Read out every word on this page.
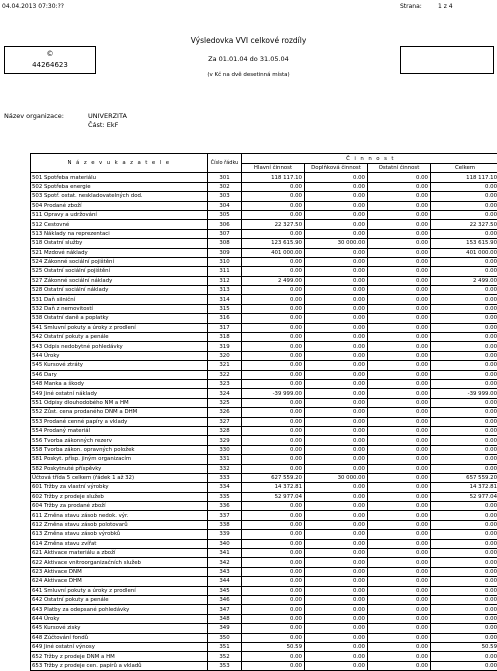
04.04.2013 07:30:??	Strana:	1 z 4
Výsledovka VVI celkové rozdíly
©
44264623
Za 01.01.04 do 31.05.04
(v Kč na dvě desetinná místa)
Název organizace:	UNIVERZITA
Část: EkF
N á z e v u k a z a t e l e	Číslo řádku	Č i n n o s t			
		Hlavní činnost	Doplňková činnost	Ostatní činnost	Celkem
501 Spotřeba materiálu	301	118 117.10	0.00	0.00	118 117.10
502 Spotřeba energie	302	0.00	0.00	0.00	0.00
503 Spotř. ostat. neskladovatelných dod.	303	0.00	0.00	0.00	0.00
504 Prodané zboží	304	0.00	0.00	0.00	0.00
511 Opravy a udržování	305	0.00	0.00	0.00	0.00
512 Cestovné	306	22 327.50	0.00	0.00	22 327.50
513 Náklady na reprezentaci	307	0.00	0.00	0.00	0.00
518 Ostatní služby	308	123 615.90	30 000.00	0.00	153 615.90
521 Mzdové náklady	309	401 000.00	0.00	0.00	401 000.00
524 Zákonné sociální pojištění	310	0.00	0.00	0.00	0.00
525 Ostatní sociální pojištění	311	0.00	0.00	0.00	0.00
527 Zákonné sociální náklady	312	2 499.00	0.00	0.00	2 499.00
528 Ostatní sociální náklady	313	0.00	0.00	0.00	0.00
531 Daň silniční	314	0.00	0.00	0.00	0.00
532 Daň z nemovitostí	315	0.00	0.00	0.00	0.00
538 Ostatní daně a poplatky	316	0.00	0.00	0.00	0.00
541 Smluvní pokuty a úroky z prodlení	317	0.00	0.00	0.00	0.00
542 Ostatní pokuty a penále	318	0.00	0.00	0.00	0.00
543 Odpis nedobytné pohledávky	319	0.00	0.00	0.00	0.00
544 Úroky	320	0.00	0.00	0.00	0.00
545 Kursové ztráty	321	0.00	0.00	0.00	0.00
546 Dary	322	0.00	0.00	0.00	0.00
548 Manka a škody	323	0.00	0.00	0.00	0.00
549 Jiné ostatní náklady	324	-39 999.00	0.00	0.00	-39 999.00
551 Odpisy dlouhodobého NM a HM	325	0.00	0.00	0.00	0.00
552 Zůst. cena prodaného DNM a DHM	326	0.00	0.00	0.00	0.00
553 Prodané cenné papíry a vklady	327	0.00	0.00	0.00	0.00
554 Prodaný materiál	328	0.00	0.00	0.00	0.00
556 Tvorba zákonných rezerv	329	0.00	0.00	0.00	0.00
558 Tvorba zákon. opravných položek	330	0.00	0.00	0.00	0.00
581 Poskyt. přísp. jiným organizacím	331	0.00	0.00	0.00	0.00
582 Poskytnuté příspěvky	332	0.00	0.00	0.00	0.00
Účtová třída 5 celkem (řádek 1 až 32)	333	627 559.20	30 000.00	0.00	657 559.20
601 Tržby za vlastní výrobky	334	14 372.81	0.00	0.00	14 372.81
602 Tržby z prodeje služeb	335	52 977.04	0.00	0.00	52 977.04
604 Tržby za prodané zboží	336	0.00	0.00	0.00	0.00
611 Změna stavu zásob nedok. výr.	337	0.00	0.00	0.00	0.00
612 Změna stavu zásob polotovarů	338	0.00	0.00	0.00	0.00
613 Změna stavu zásob výrobků	339	0.00	0.00	0.00	0.00
614 Změna stavu zvířat	340	0.00	0.00	0.00	0.00
621 Aktivace materiálu a zboží	341	0.00	0.00	0.00	0.00
622 Aktivace vnitroorganizačních služeb	342	0.00	0.00	0.00	0.00
623 Aktivace DNM	343	0.00	0.00	0.00	0.00
624 Aktivace DHM	344	0.00	0.00	0.00	0.00
641 Smluvní pokuty a úroky z prodlení	345	0.00	0.00	0.00	0.00
642 Ostatní pokuty a penále	346	0.00	0.00	0.00	0.00
643 Platby za odepsané pohledávky	347	0.00	0.00	0.00	0.00
644 Úroky	348	0.00	0.00	0.00	0.00
645 Kursové zisky	349	0.00	0.00	0.00	0.00
648 Zúčtování fondů	350	0.00	0.00	0.00	0.00
649 Jiné ostatní výnosy	351	50.59	0.00	0.00	50.59
652 Tržby z prodeje DNM a HM	352	0.00	0.00	0.00	0.00
653 Tržby z prodeje cen. papírů a vkladů	353	0.00	0.00	0.00	0.00
